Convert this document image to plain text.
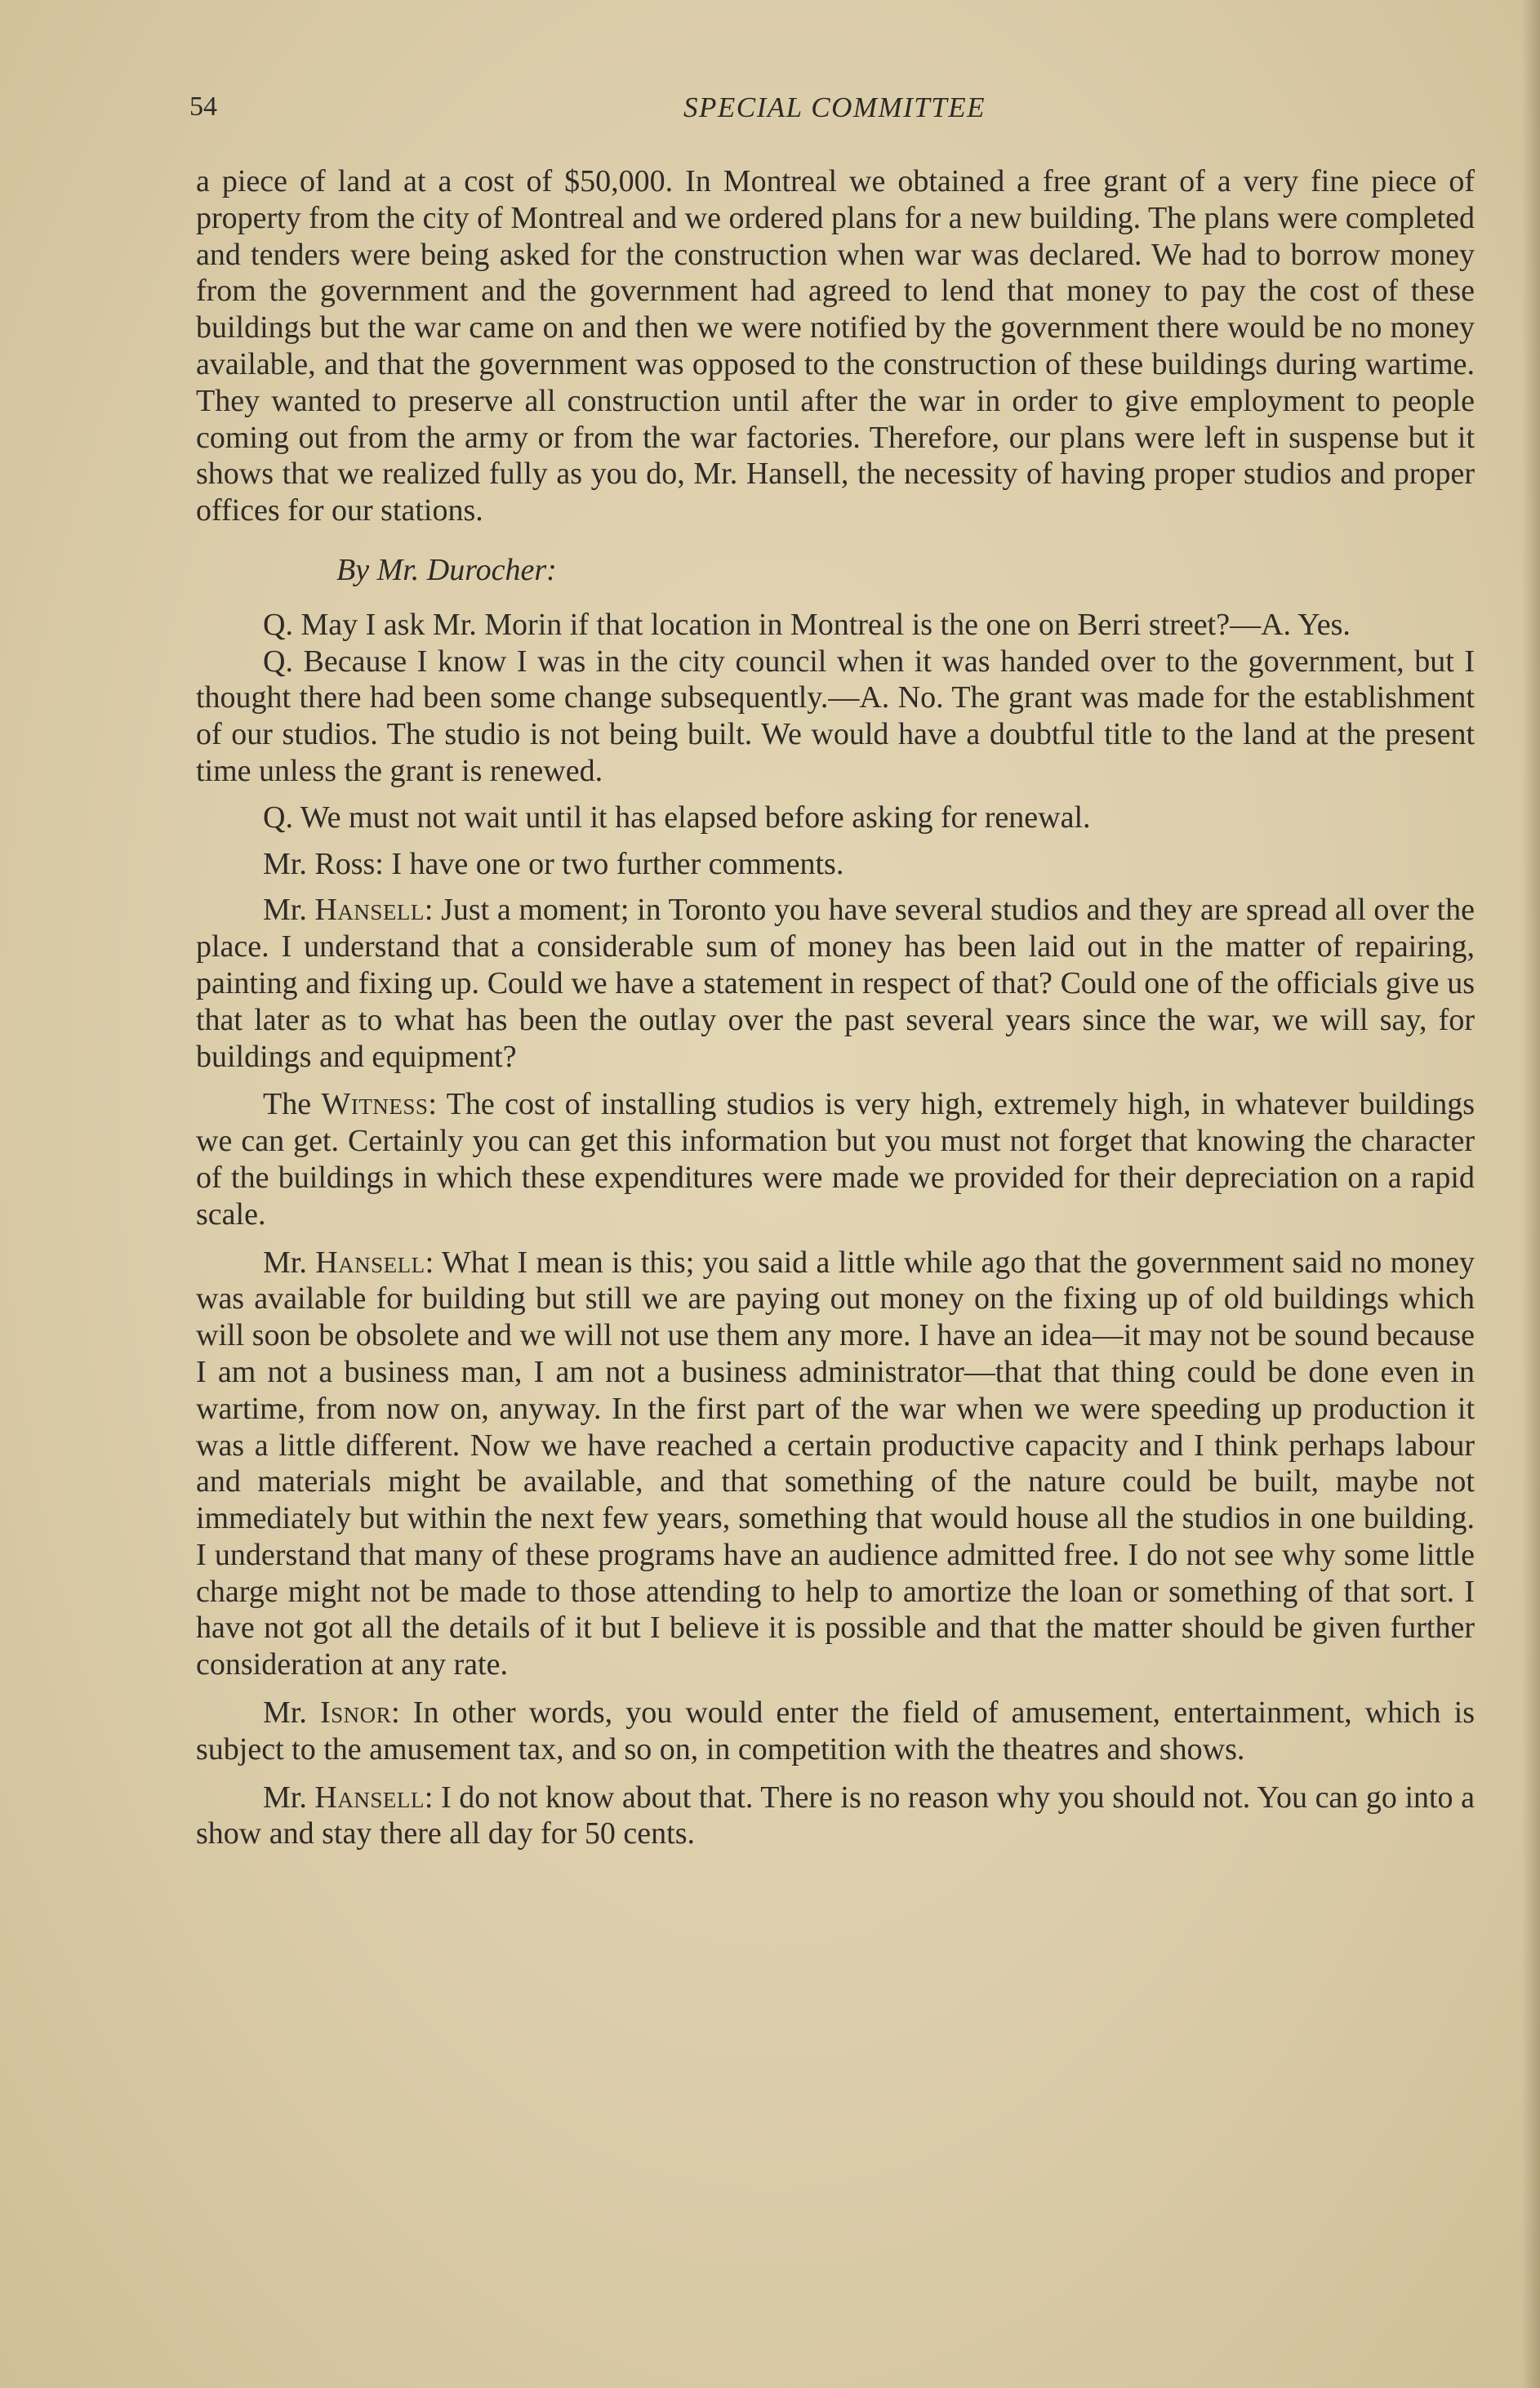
54	SPECIAL COMMITTEE

a piece of land at a cost of $50,000. In Montreal we obtained a free grant of a very fine piece of property from the city of Montreal and we ordered plans for a new building. The plans were completed and tenders were being asked for the construction when war was declared. We had to borrow money from the government and the government had agreed to lend that money to pay the cost of these buildings but the war came on and then we were notified by the government there would be no money available, and that the government was opposed to the construction of these buildings during wartime. They wanted to preserve all construction until after the war in order to give employment to people coming out from the army or from the war factories. Therefore, our plans were left in suspense but it shows that we realized fully as you do, Mr. Hansell, the necessity of having proper studios and proper offices for our stations.

By Mr. Durocher:

Q. May I ask Mr. Morin if that location in Montreal is the one on Berri street?—A. Yes.

Q. Because I know I was in the city council when it was handed over to the government, but I thought there had been some change subsequently.—A. No. The grant was made for the establishment of our studios. The studio is not being built. We would have a doubtful title to the land at the present time unless the grant is renewed.

Q. We must not wait until it has elapsed before asking for renewal.

Mr. Ross: I have one or two further comments.

Mr. Hansell: Just a moment; in Toronto you have several studios and they are spread all over the place. I understand that a considerable sum of money has been laid out in the matter of repairing, painting and fixing up. Could we have a statement in respect of that? Could one of the officials give us that later as to what has been the outlay over the past several years since the war, we will say, for buildings and equipment?

The Witness: The cost of installing studios is very high, extremely high, in whatever buildings we can get. Certainly you can get this information but you must not forget that knowing the character of the buildings in which these expenditures were made we provided for their depreciation on a rapid scale.

Mr. Hansell: What I mean is this; you said a little while ago that the government said no money was available for building but still we are paying out money on the fixing up of old buildings which will soon be obsolete and we will not use them any more. I have an idea—it may not be sound because I am not a business man, I am not a business administrator—that that thing could be done even in wartime, from now on, anyway. In the first part of the war when we were speeding up production it was a little different. Now we have reached a certain productive capacity and I think perhaps labour and materials might be available, and that something of the nature could be built, maybe not immediately but within the next few years, something that would house all the studios in one building. I understand that many of these programs have an audience admitted free. I do not see why some little charge might not be made to those attending to help to amortize the loan or something of that sort. I have not got all the details of it but I believe it is possible and that the matter should be given further consideration at any rate.

Mr. Isnor: In other words, you would enter the field of amusement, entertainment, which is subject to the amusement tax, and so on, in competition with the theatres and shows.

Mr. Hansell: I do not know about that. There is no reason why you should not. You can go into a show and stay there all day for 50 cents.
